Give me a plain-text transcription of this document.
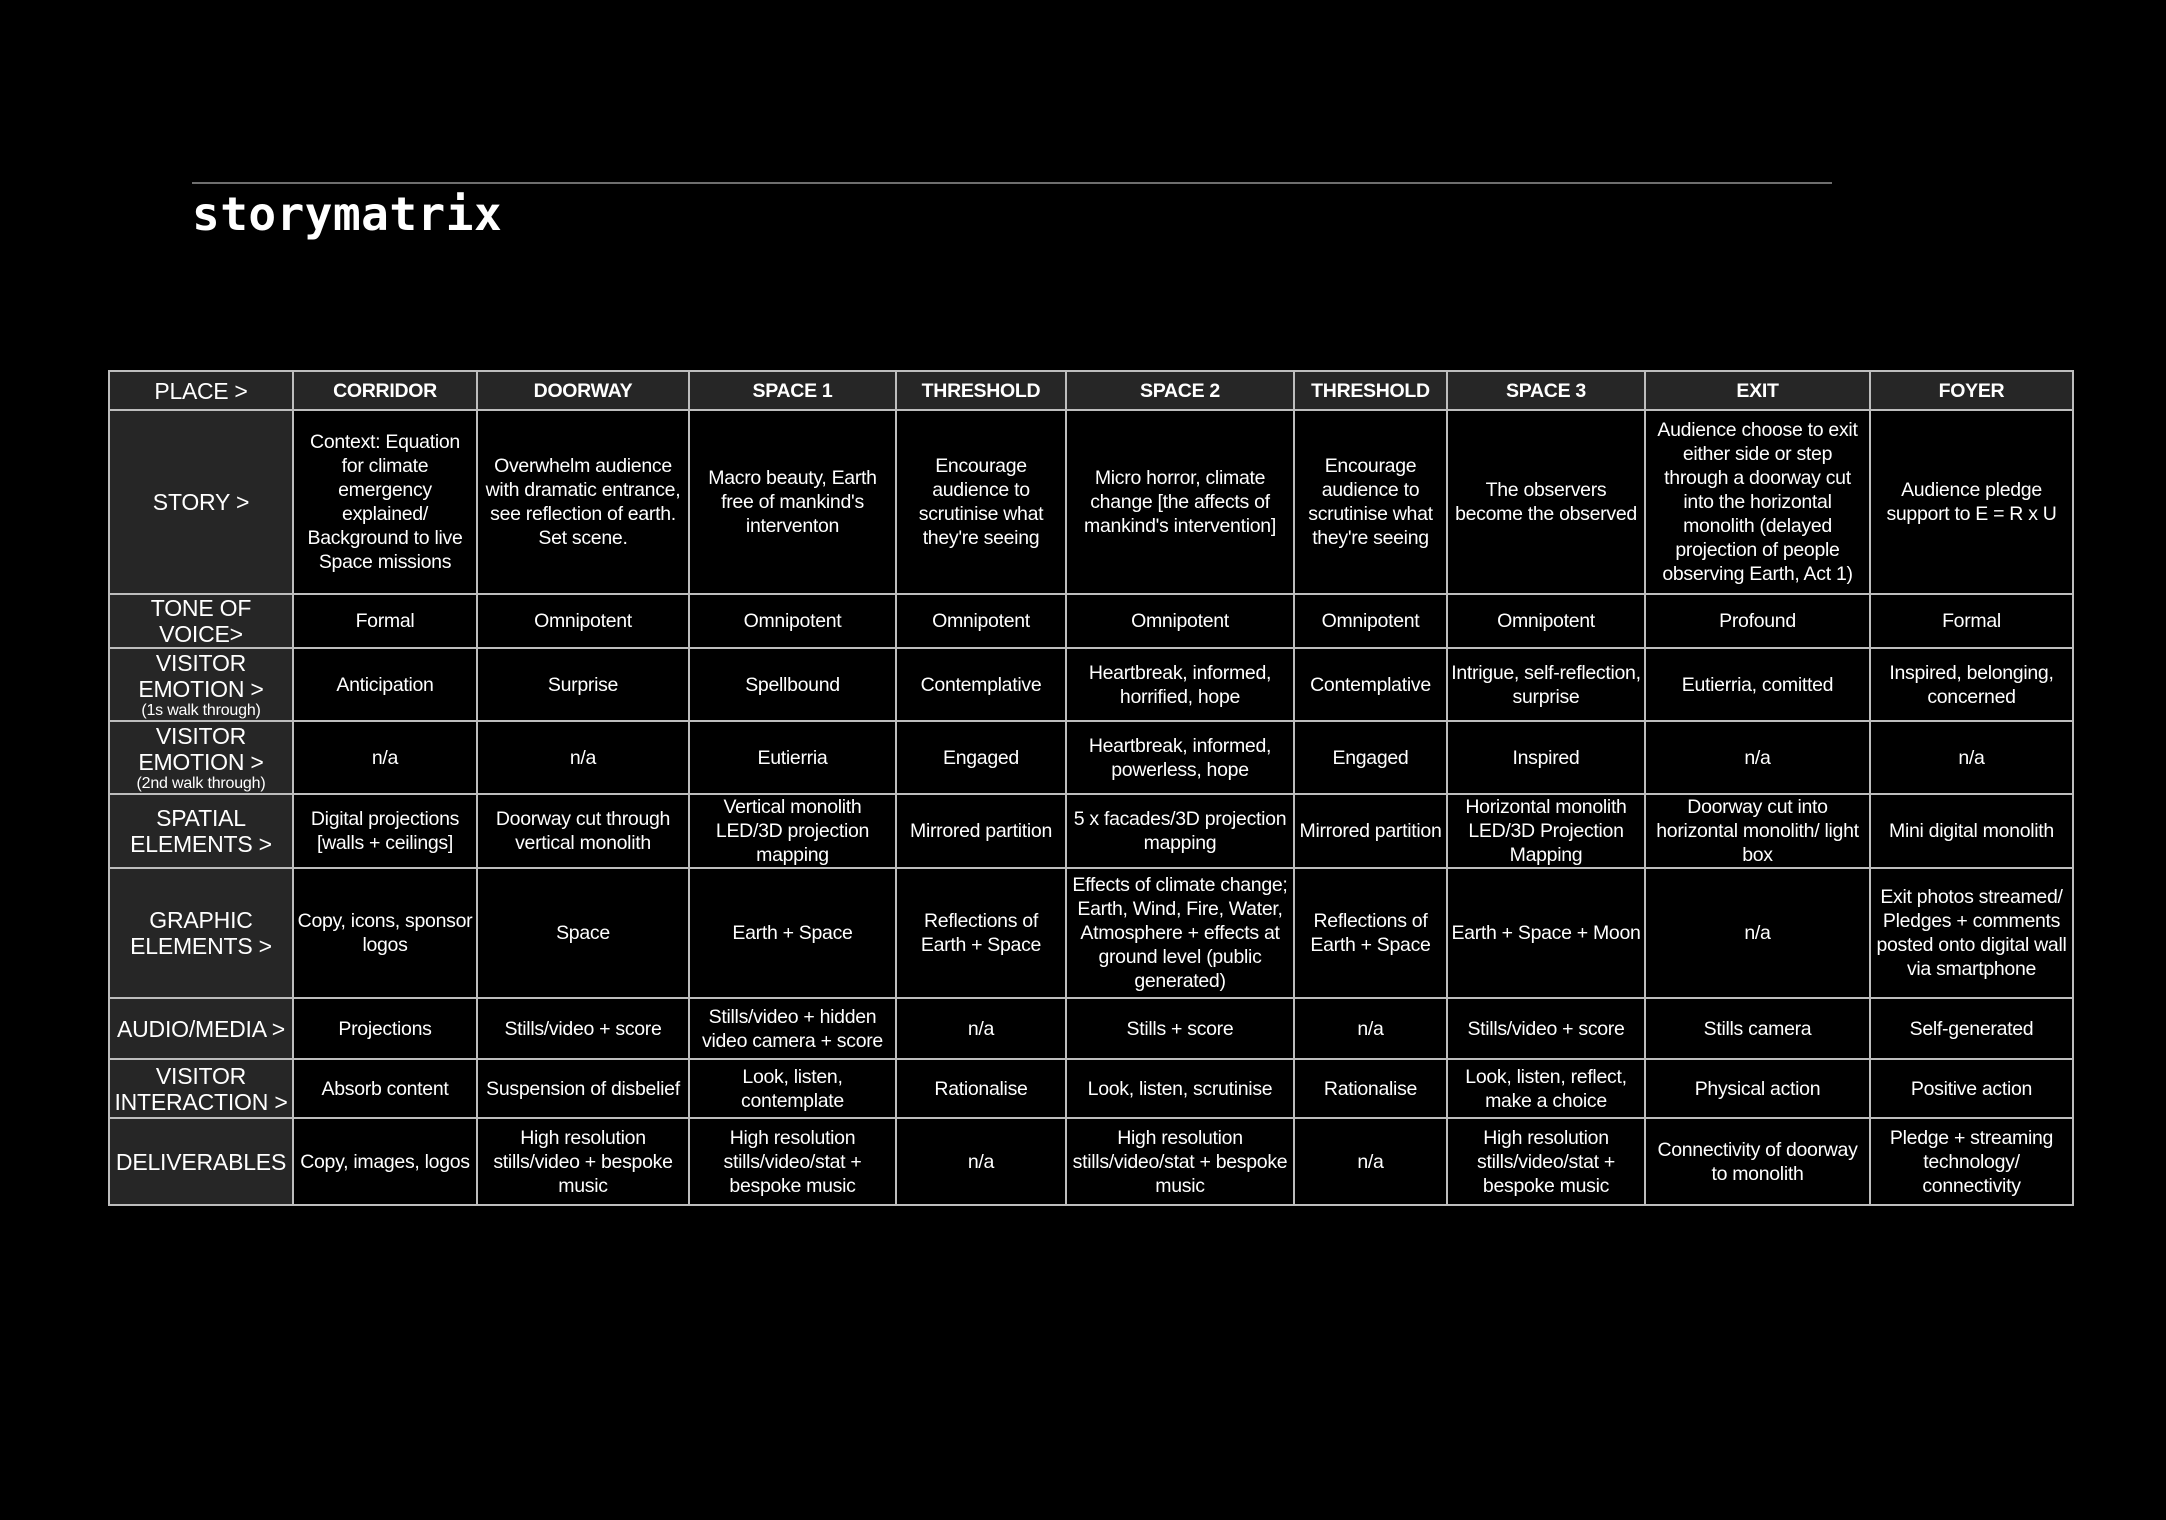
storymatrix
PLACE >	CORRIDOR	DOORWAY	SPACE 1	THRESHOLD	SPACE 2	THRESHOLD	SPACE 3	EXIT	FOYER

STORY >	Context: Equation for climate emergency explained/ Background to live Space missions	Overwhelm audience with dramatic entrance, see reflection of earth. Set scene.	Macro beauty, Earth free of mankind's interventon	Encourage audience to scrutinise what they're seeing	Micro horror, climate change [the affects of mankind's intervention]	Encourage audience to scrutinise what they're seeing	The observers become the observed	Audience choose to exit either side or step through a doorway cut into the horizontal monolith (delayed projection of people observing Earth, Act 1)	Audience pledge support to E = R x U

TONE OF VOICE>	Formal	Omnipotent	Omnipotent	Omnipotent	Omnipotent	Omnipotent	Omnipotent	Profound	Formal

VISITOR EMOTION >
(1s walk through)	Anticipation	Surprise	Spellbound	Contemplative	Heartbreak, informed, horrified, hope	Contemplative	Intrigue, self-reflection, surprise	Eutierria, comitted	Inspired, belonging, concerned

VISITOR EMOTION >
(2nd walk through)	n/a	n/a	Eutierria	Engaged	Heartbreak, informed, powerless, hope	Engaged	Inspired	n/a	n/a

SPATIAL ELEMENTS >	Digital projections [walls + ceilings]	Doorway cut through vertical monolith	Vertical monolith LED/3D projection mapping	Mirrored partition	5 x facades/3D projection mapping	Mirrored partition	Horizontal monolith LED/3D Projection Mapping	Doorway cut into horizontal monolith/ light box	Mini digital monolith

GRAPHIC ELEMENTS >	Copy, icons, sponsor logos	Space	Earth + Space	Reflections of Earth + Space	Effects of climate change; Earth, Wind, Fire, Water, Atmosphere + effects at ground level (public generated)	Reflections of Earth + Space	Earth + Space + Moon	n/a	Exit photos streamed/ Pledges + comments posted onto digital wall via smartphone

AUDIO/MEDIA >	Projections	Stills/video + score	Stills/video + hidden video camera + score	n/a	Stills + score	n/a	Stills/video + score	Stills camera	Self-generated

VISITOR INTERACTION >	Absorb content	Suspension of disbelief	Look, listen, contemplate	Rationalise	Look, listen, scrutinise	Rationalise	Look, listen, reflect, make a choice	Physical action	Positive action

DELIVERABLES	Copy, images, logos	High resolution stills/video + bespoke music	High resolution stills/video/stat + bespoke music	n/a	High resolution stills/video/stat + bespoke music	n/a	High resolution stills/video/stat + bespoke music	Connectivity of doorway to monolith	Pledge + streaming technology/ connectivity
